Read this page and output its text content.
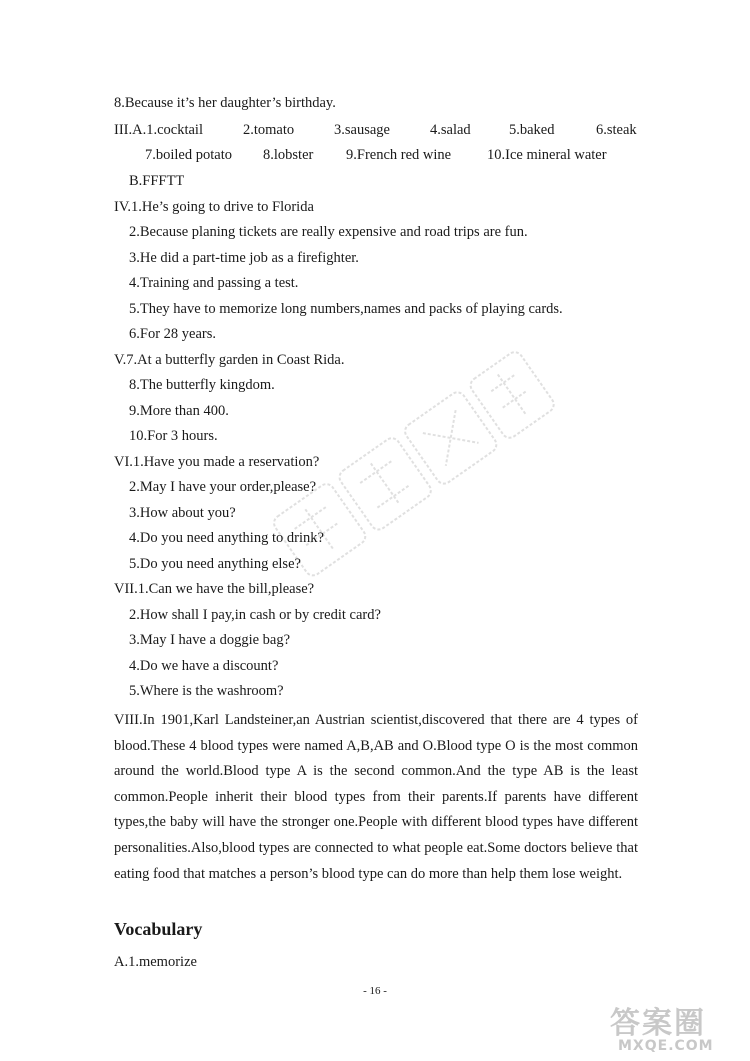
8.Because it’s her daughter’s birthday.
III.A.1.cocktail	2.tomato	3.sausage	4.salad	5.baked	6.steak
7.boiled potato 8.lobster 9.French red wine 10.Ice mineral water
B.FFFTT
IV.1.He’s going to drive to Florida
2.Because planing tickets are really expensive and road trips are fun.
3.He did a part-time job as a firefighter.
4.Training and passing a test.
5.They have to memorize long numbers,names and packs of playing cards.
6.For 28 years.
V.7.At a butterfly garden in Coast Rida.
8.The butterfly kingdom.
9.More than 400.
10.For 3 hours.
VI.1.Have you made a reservation?
2.May I have your order,please?
3.How about you?
4.Do you need anything to drink?
5.Do you need anything else?
VII.1.Can we have the bill,please?
2.How shall I pay,in cash or by credit card?
3.May I have a doggie bag?
4.Do we have a discount?
5.Where is the washroom?
VIII.In 1901,Karl Landsteiner,an Austrian scientist,discovered that there are 4 types of blood.These 4 blood types were named A,B,AB and O.Blood type O is the most common around the world.Blood type A is the second common.And the type AB is the least common.People inherit their blood types from their parents.If parents have different types,the baby will have the stronger one.People with different blood types have different personalities.Also,blood types are connected to what people eat.Some doctors believe that eating food that matches a person’s blood type can do more than help them lose weight.
Vocabulary
A.1.memorize
- 16 -
答案圈
MXQE.COM
